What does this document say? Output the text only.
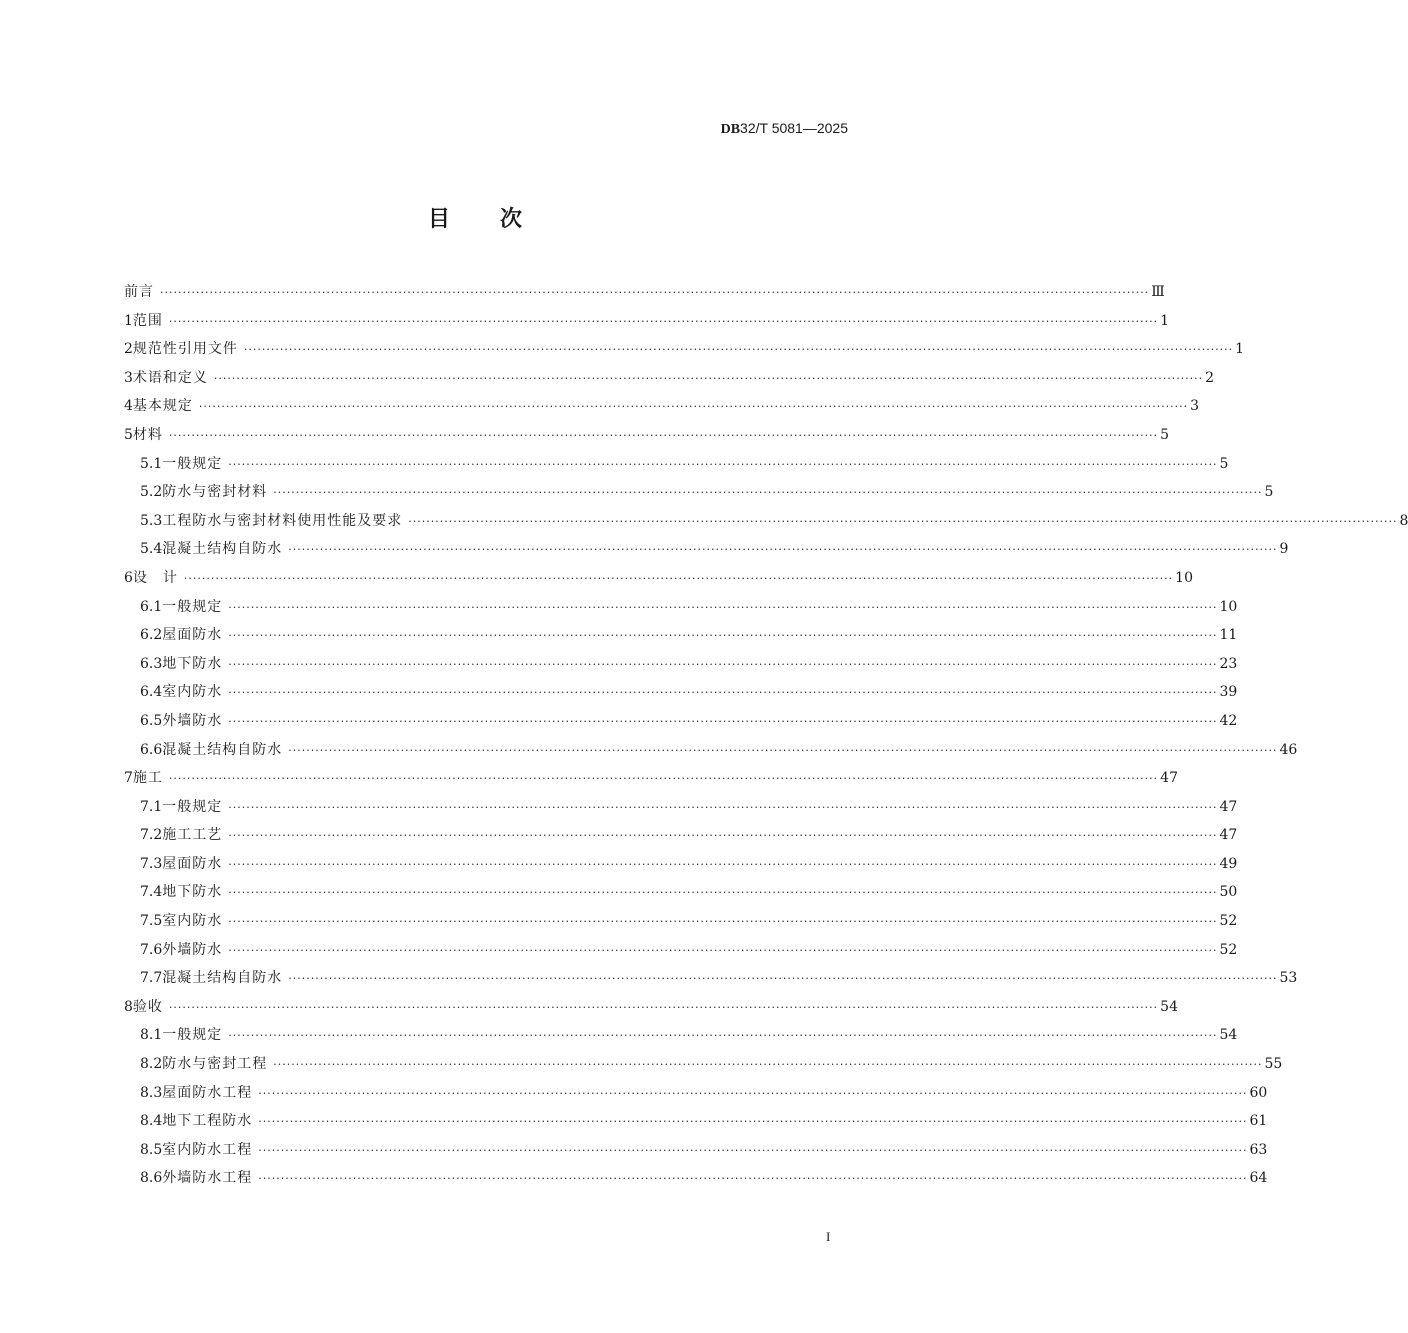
DB32/T 5081—2025
目 次
前言 ···························································································································································································································· Ⅲ
1 范围 ···························································································································································································································· 1
2 规范性引用文件 ···························································································································································································································· 1
3 术语和定义 ···························································································································································································································· 2
4 基本规定 ···························································································································································································································· 3
5 材料 ···························································································································································································································· 5
5.1 一般规定 ···························································································································································································································· 5
5.2 防水与密封材料 ···························································································································································································································· 5
5.3 工程防水与密封材料使用性能及要求 ···························································································································································································································· 8
5.4 混凝土结构自防水 ···························································································································································································································· 9
6 设　计 ···························································································································································································································· 10
6.1 一般规定 ···························································································································································································································· 10
6.2 屋面防水 ···························································································································································································································· 11
6.3 地下防水 ···························································································································································································································· 23
6.4 室内防水 ···························································································································································································································· 39
6.5 外墙防水 ···························································································································································································································· 42
6.6 混凝土结构自防水 ···························································································································································································································· 46
7 施工 ···························································································································································································································· 47
7.1 一般规定 ···························································································································································································································· 47
7.2 施工工艺 ···························································································································································································································· 47
7.3 屋面防水 ···························································································································································································································· 49
7.4 地下防水 ···························································································································································································································· 50
7.5 室内防水 ···························································································································································································································· 52
7.6 外墙防水 ···························································································································································································································· 52
7.7 混凝土结构自防水 ···························································································································································································································· 53
8 验收 ···························································································································································································································· 54
8.1 一般规定 ···························································································································································································································· 54
8.2 防水与密封工程 ···························································································································································································································· 55
8.3 屋面防水工程 ···························································································································································································································· 60
8.4 地下工程防水 ···························································································································································································································· 61
8.5 室内防水工程 ···························································································································································································································· 63
8.6 外墙防水工程 ···························································································································································································································· 64
I
